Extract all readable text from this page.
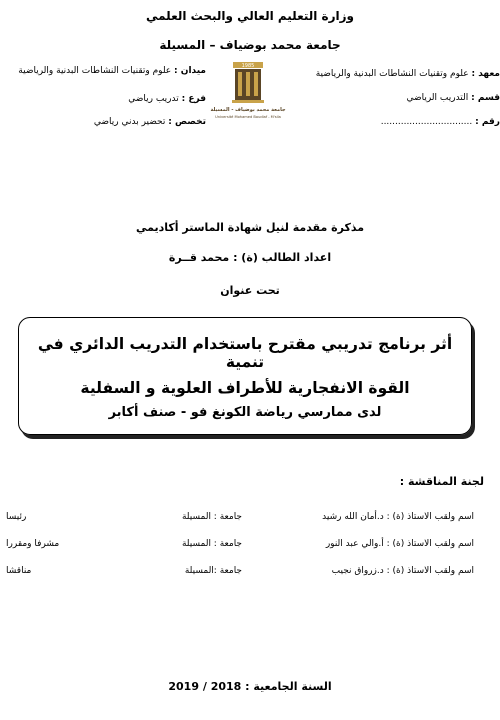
وزارة التعليم العالي والبحث العلمي
جامعة محمد بوضياف – المسيلة
معهد : علوم وتقنيات النشاطات البدنية والرياضية
قسم : التدريب الرياضي
رقم : ................................
ميدان : علوم وتقنيات النشاطات البدنية والرياضية
فرع : تدريب رياضي
تخصص : تحضير بدني رياضي
1985
جامعة محمد بوضياف - المسيلة
Université Mohamed Boudiaf - M'sila
مذكرة مقدمة لنيل شهادة الماستر أكاديمي
اعداد الطالب (ة) : محمد قــرة
تحت عنوان
أثر برنامج تدريبي مقترح باستخدام التدريب الدائري في تنمية
القوة الانفجارية للأطراف العلوية و السفلية
لدى ممارسي رياضة الكونغ فو - صنف أكابر
لجنة المناقشة :
اسم ولقب الاستاذ (ة) : د.أمان الله رشيد
جامعة : المسيلة
رئيسا
اسم ولقب الاستاذ (ة) : أ.والي عبد النور
جامعة : المسيلة
مشرفا ومقررا
اسم ولقب الاستاذ (ة) : د.زرواق نجيب
جامعة :المسيلة
مناقشا
السنة الجامعية : 2018 / 2019
